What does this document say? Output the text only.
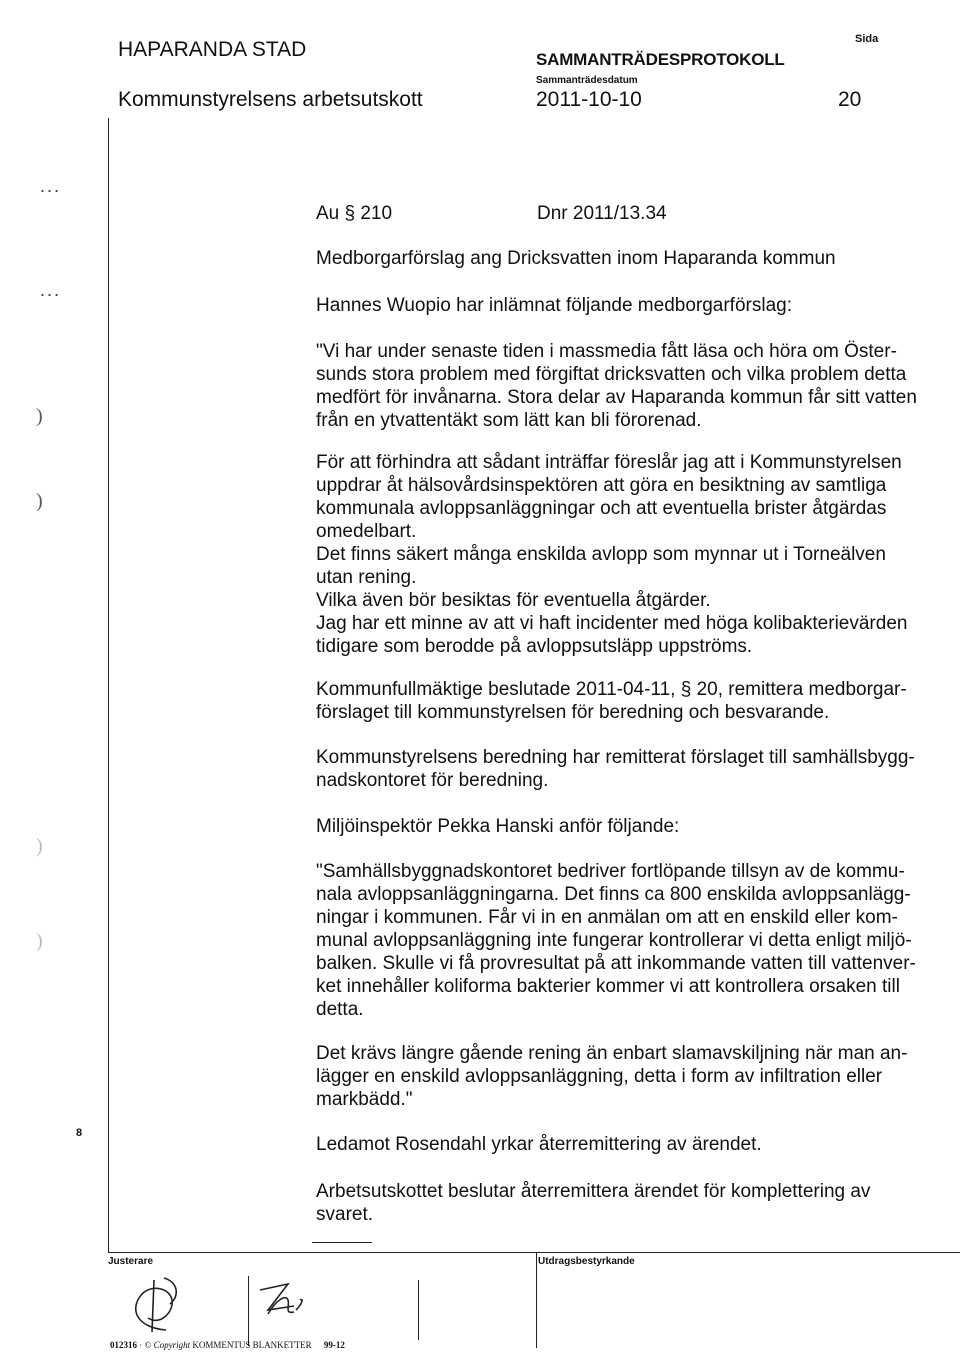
HAPARANDA STAD
Kommunstyrelsens arbetsutskott
SAMMANTRÄDESPROTOKOLL
Sammanträdesdatum
2011-10-10
Sida
20
...
...
)
)
)
)
8
Au § 210	Dnr 2011/13.34
Medborgarförslag ang Dricksvatten inom Haparanda kommun
Hannes Wuopio har inlämnat följande medborgarförslag:
"Vi har under senaste tiden i massmedia fått läsa och höra om Öster-
sunds stora problem med förgiftat dricksvatten och vilka problem detta
medfört för invånarna. Stora delar av Haparanda kommun får sitt vatten
från en ytvattentäkt som lätt kan bli förorenad.
För att förhindra att sådant inträffar föreslår jag att i Kommunstyrelsen
uppdrar åt hälsovårdsinspektören att göra en besiktning av samtliga
kommunala avloppsanläggningar och att eventuella brister åtgärdas
omedelbart.
Det finns säkert många enskilda avlopp som mynnar ut i Torneälven
utan rening.
Vilka även bör besiktas för eventuella åtgärder.
Jag har ett minne av att vi haft incidenter med höga kolibakterievärden
tidigare som berodde på avloppsutsläpp uppströms.
Kommunfullmäktige beslutade 2011-04-11, § 20, remittera medborgar-
förslaget till kommunstyrelsen för beredning och besvarande.
Kommunstyrelsens beredning har remitterat förslaget till samhällsbygg-
nadskontoret för beredning.
Miljöinspektör Pekka Hanski anför följande:
"Samhällsbyggnadskontoret bedriver fortlöpande tillsyn av de kommu-
nala avloppsanläggningarna. Det finns ca 800 enskilda avloppsanlägg-
ningar i kommunen. Får vi in en anmälan om att en enskild eller kom-
munal avloppsanläggning inte fungerar kontrollerar vi detta enligt miljö-
balken. Skulle vi få provresultat på att inkommande vatten till vattenver-
ket innehåller koliforma bakterier kommer vi att kontrollera orsaken till
detta.
Det krävs längre gående rening än enbart slamavskiljning när man an-
lägger en enskild avloppsanläggning, detta i form av infiltration eller
markbädd."
Ledamot Rosendahl yrkar återremittering av ärendet.
Arbetsutskottet beslutar återremittera ärendet för komplettering av
svaret.
Justerare	Utdragsbestyrkande
012316 · © Copyright KOMMENTUS BLANKETTER 99-12
